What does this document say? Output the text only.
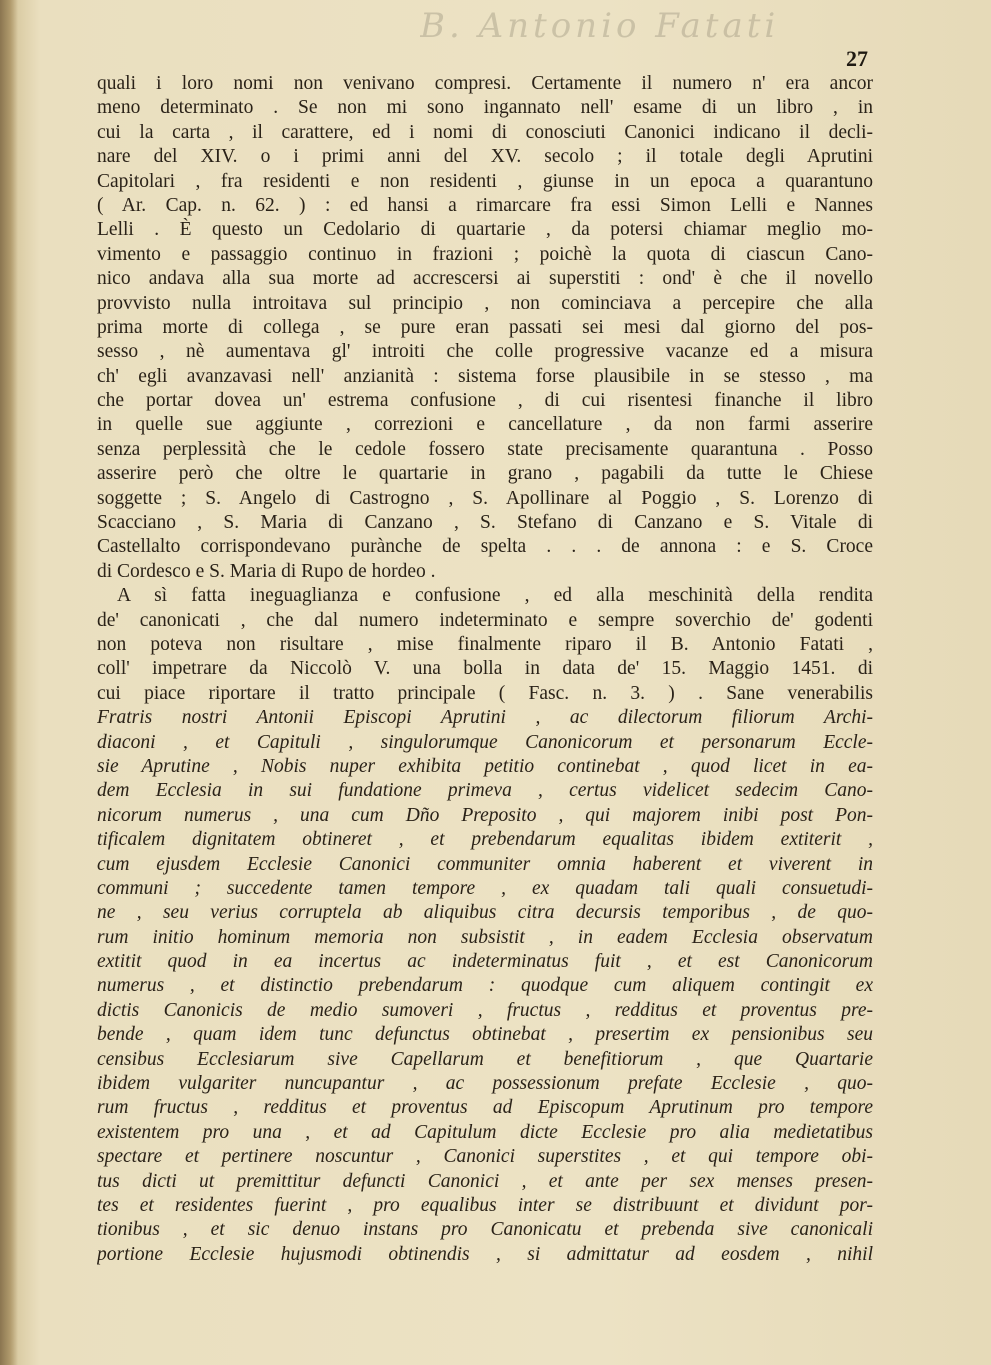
B. Antonio Fatati
27
quali i loro nomi non venivano compresi. Certamente il numero n' era ancor
meno determinato . Se non mi sono ingannato nell' esame di un libro , in
cui la carta , il carattere, ed i nomi di conosciuti Canonici indicano il decli-
nare del XIV. o i primi anni del XV. secolo ; il totale degli Aprutini
Capitolari , fra residenti e non residenti , giunse in un epoca a quarantuno
( Ar. Cap. n. 62. ) : ed hansi a rimarcare fra essi Simon Lelli e Nannes
Lelli . È questo un Cedolario di quartarie , da potersi chiamar meglio mo-
vimento e passaggio continuo in frazioni ; poichè la quota di ciascun Cano-
nico andava alla sua morte ad accrescersi ai superstiti : ond' è che il novello
provvisto nulla introitava sul principio , non cominciava a percepire che alla
prima morte di collega , se pure eran passati sei mesi dal giorno del pos-
sesso , nè aumentava gl' introiti che colle progressive vacanze ed a misura
ch' egli avanzavasi nell' anzianità : sistema forse plausibile in se stesso , ma
che portar dovea un' estrema confusione , di cui risentesi finanche il libro
in quelle sue aggiunte , correzioni e cancellature , da non farmi asserire
senza perplessità che le cedole fossero state precisamente quarantuna . Posso
asserire però che oltre le quartarie in grano , pagabili da tutte le Chiese
soggette ; S. Angelo di Castrogno , S. Apollinare al Poggio , S. Lorenzo di
Scacciano , S. Maria di Canzano , S. Stefano di Canzano e S. Vitale di
Castellalto corrispondevano purànche de spelta . . . de annona : e S. Croce
di Cordesco e S. Maria di Rupo de hordeo .
A sì fatta ineguaglianza e confusione , ed alla meschinità della rendita
de' canonicati , che dal numero indeterminato e sempre soverchio de' godenti
non poteva non risultare , mise finalmente riparo il B. Antonio Fatati ,
coll' impetrare da Niccolò V. una bolla in data de' 15. Maggio 1451. di
cui piace riportare il tratto principale ( Fasc. n. 3. ) . Sane venerabilis
Fratris nostri Antonii Episcopi Aprutini , ac dilectorum filiorum Archi-
diaconi , et Capituli , singulorumque Canonicorum et personarum Eccle-
sie Aprutine , Nobis nuper exhibita petitio continebat , quod licet in ea-
dem Ecclesia in sui fundatione primeva , certus videlicet sedecim Cano-
nicorum numerus , una cum Dño Preposito , qui majorem inibi post Pon-
tificalem dignitatem obtineret , et prebendarum equalitas ibidem extiterit ,
cum ejusdem Ecclesie Canonici communiter omnia haberent et viverent in
communi ; succedente tamen tempore , ex quadam tali quali consuetudi-
ne , seu verius corruptela ab aliquibus citra decursis temporibus , de quo-
rum initio hominum memoria non subsistit , in eadem Ecclesia observatum
extitit quod in ea incertus ac indeterminatus fuit , et est Canonicorum
numerus , et distinctio prebendarum : quodque cum aliquem contingit ex
dictis Canonicis de medio sumoveri , fructus , redditus et proventus pre-
bende , quam idem tunc defunctus obtinebat , presertim ex pensionibus seu
censibus Ecclesiarum sive Capellarum et benefitiorum , que Quartarie
ibidem vulgariter nuncupantur , ac possessionum prefate Ecclesie , quo-
rum fructus , redditus et proventus ad Episcopum Aprutinum pro tempore
existentem pro una , et ad Capitulum dicte Ecclesie pro alia medietatibus
spectare et pertinere noscuntur , Canonici superstites , et qui tempore obi-
tus dicti ut premittitur defuncti Canonici , et ante per sex menses presen-
tes et residentes fuerint , pro equalibus inter se distribuunt et dividunt por-
tionibus , et sic denuo instans pro Canonicatu et prebenda sive canonicali
portione Ecclesie hujusmodi obtinendis , si admittatur ad eosdem , nihil
